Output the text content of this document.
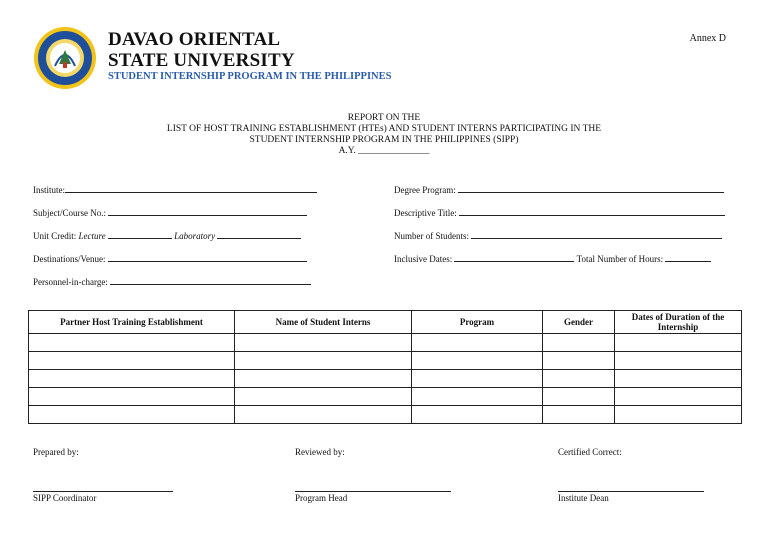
DAVAO ORIENTAL
STATE UNIVERSITY
STUDENT INTERNSHIP PROGRAM IN THE PHILIPPINES
Annex D
REPORT ON THE
LIST OF HOST TRAINING ESTABLISHMENT (HTEs) AND STUDENT INTERNS PARTICIPATING IN THE
STUDENT INTERNSHIP PROGRAM IN THE PHILIPPINES (SIPP)
A.Y. _______________
Institute:
Subject/Course No.:
Unit Credit: Lecture	Laboratory
Destinations/Venue:
Personnel-in-charge:
Degree Program:
Descriptive Title:
Number of Students:
Inclusive Dates:	Total Number of Hours:
Partner Host Training Establishment	Name of Student Interns	Program	Gender	Dates of Duration of the Internship

Prepared by:	Reviewed by:	Certified Correct:
SIPP Coordinator	Program Head	Institute Dean
